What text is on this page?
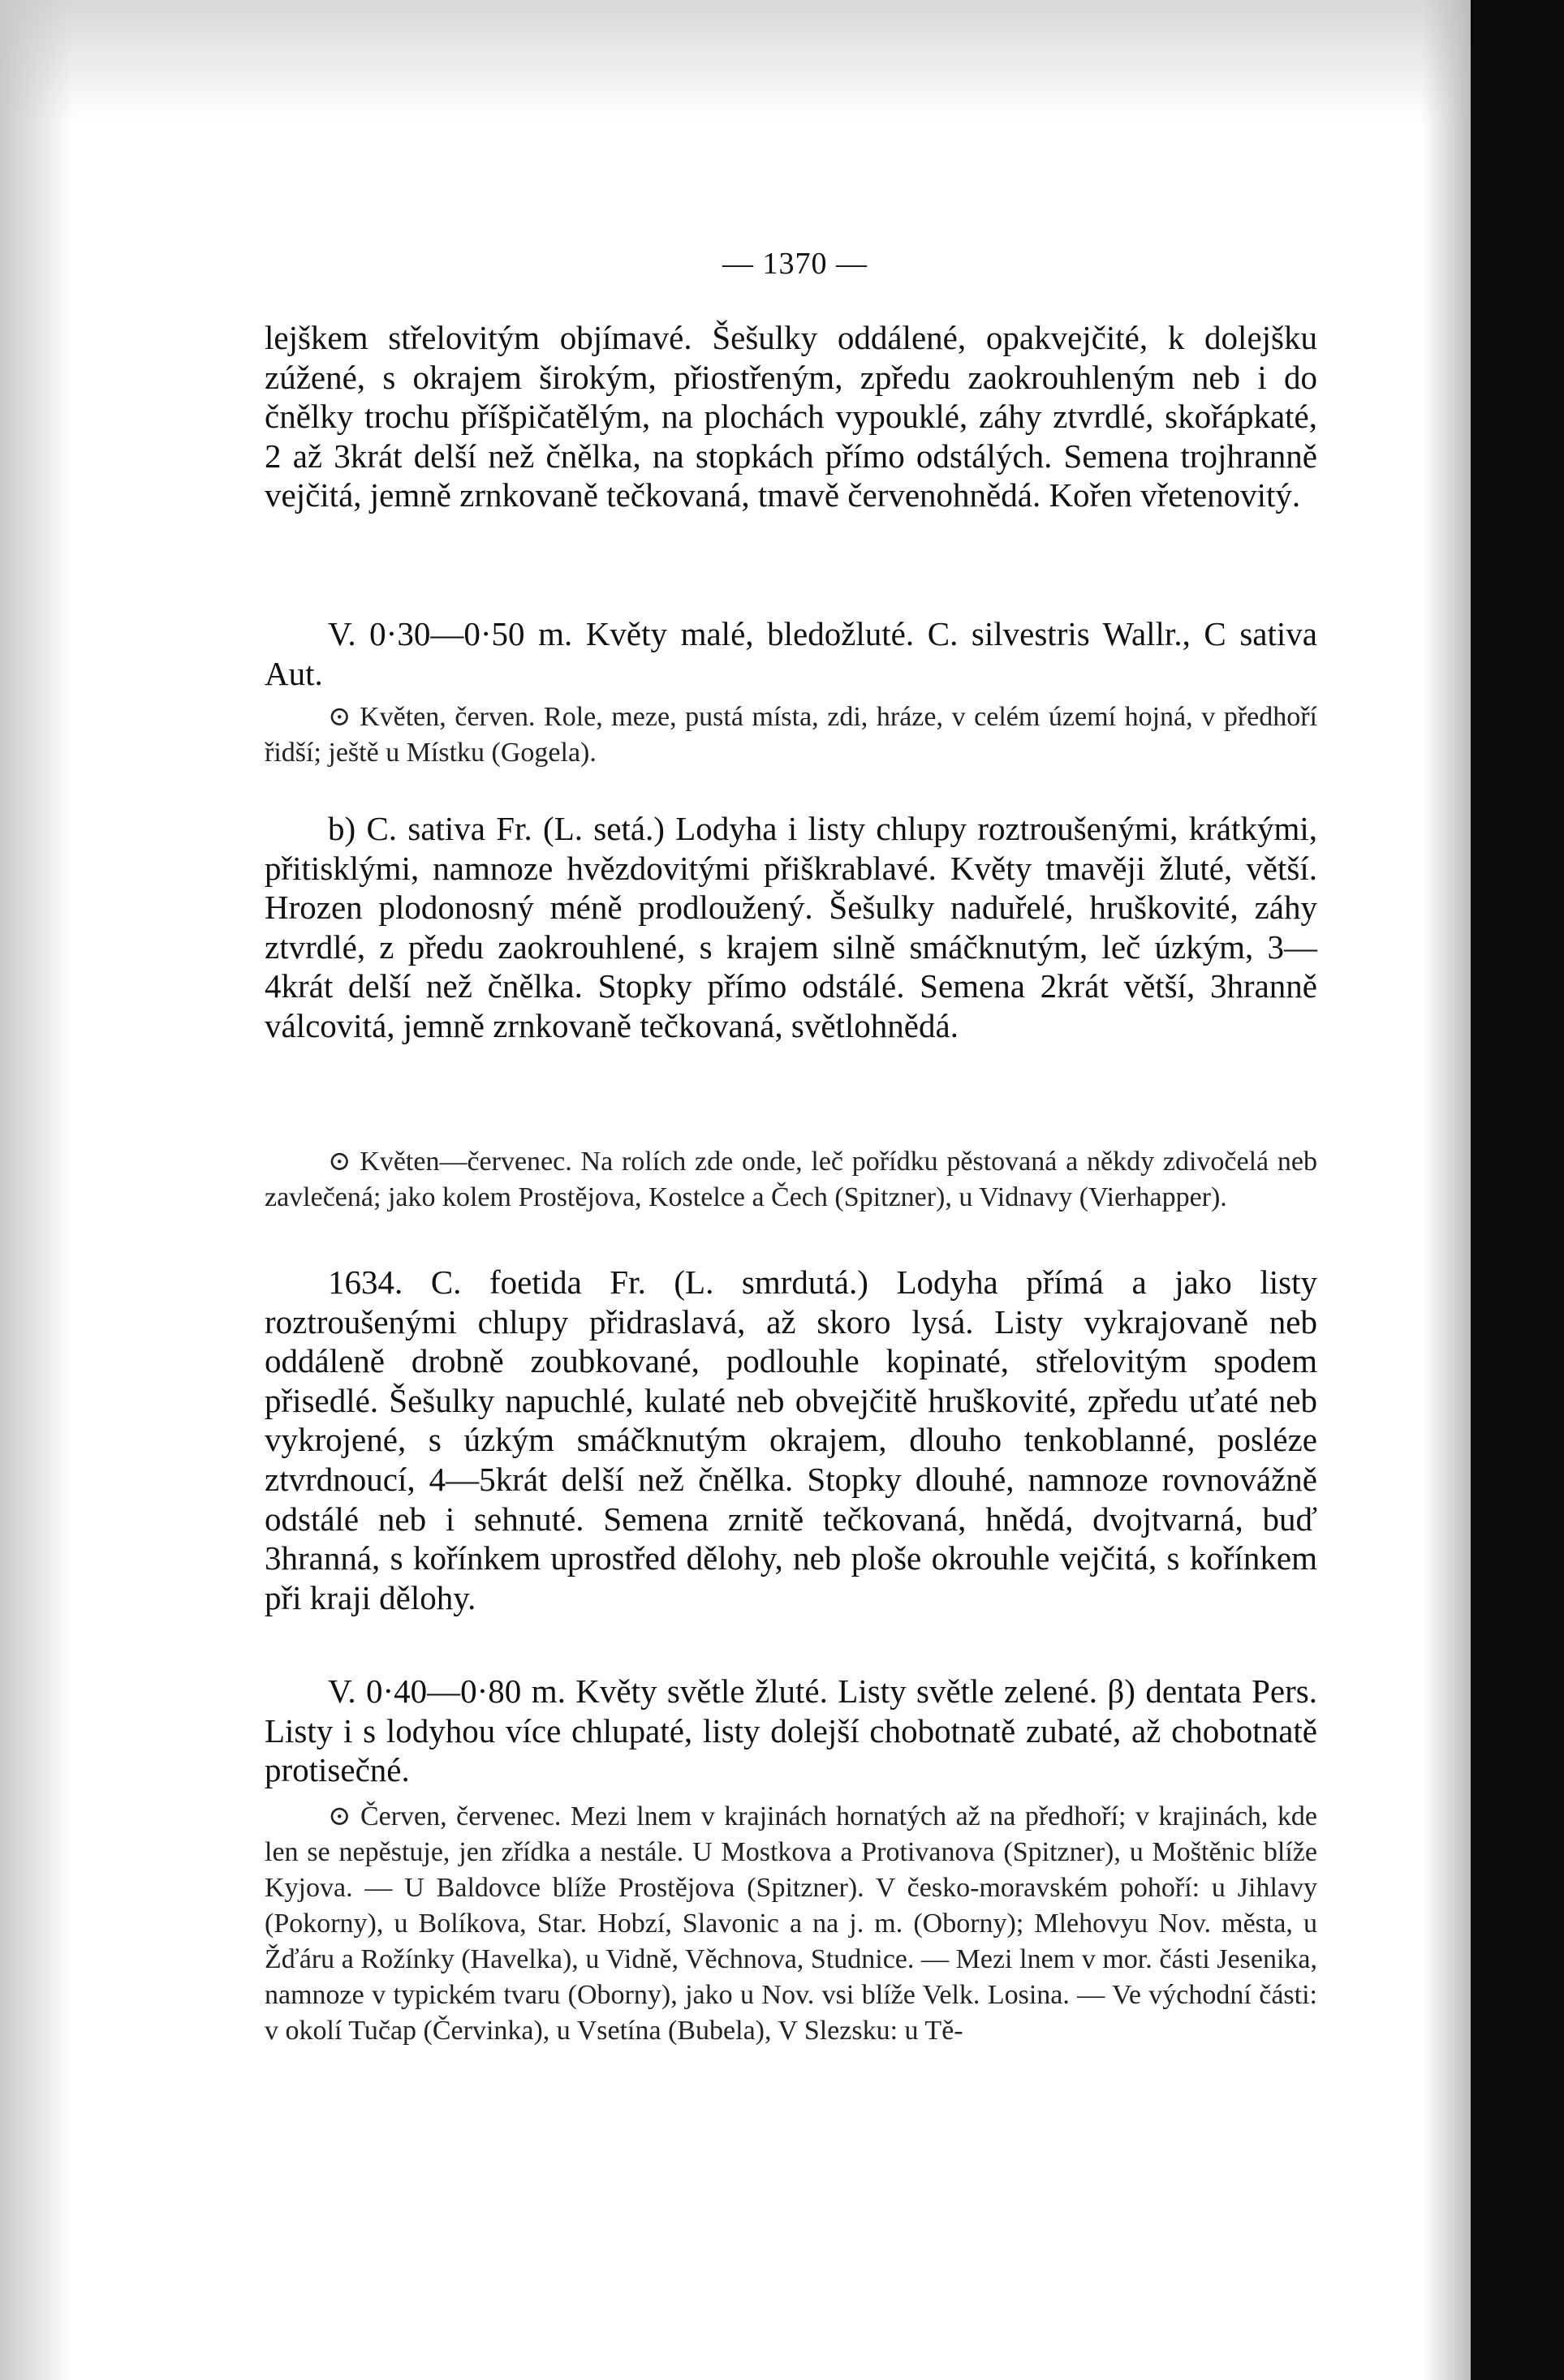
— 1370 —

lejškem střelovitým objímavé. Šešulky oddálené, opakvejčité, k dolejšku zúžené, s okrajem širokým, přiostřeným, zpředu zaokrouhleným neb i do čnělky trochu příšpičatělým, na plochách vypouklé, záhy ztvrdlé, skořápkaté, 2 až 3krát delší než čnělka, na stopkách přímo odstálých. Semena trojhranně vejčitá, jemně zrnkovaně tečkovaná, tmavě červenohnědá. Kořen vřetenovitý.

V. 0·30—0·50 m. Květy malé, bledožluté. C. silvestris Wallr., C sativa Aut.

⊙ Květen, červen. Role, meze, pustá místa, zdi, hráze, v celém území hojná, v předhoří řidší; ještě u Místku (Gogela).

b) C. sativa Fr. (L. setá.) Lodyha i listy chlupy roztroušenými, krátkými, přitisklými, namnoze hvězdovitými přiškrablavé. Květy tmavěji žluté, větší. Hrozen plodonosný méně prodloužený. Šešulky naduřelé, hruškovité, záhy ztvrdlé, z předu zaokrouhlené, s krajem silně smáčknutým, leč úzkým, 3—4krát delší než čnělka. Stopky přímo odstálé. Semena 2krát větší, 3hranně válcovitá, jemně zrnkovaně tečkovaná, světlohnědá.

⊙ Květen—červenec. Na rolích zde onde, leč pořídku pěstovaná a někdy zdivočelá neb zavlečená; jako kolem Prostějova, Kostelce a Čech (Spitzner), u Vidnavy (Vierhapper).

1634. C. foetida Fr. (L. smrdutá.) Lodyha přímá a jako listy roztroušenými chlupy přidraslavá, až skoro lysá. Listy vykrajovaně neb oddáleně drobně zoubkované, podlouhle kopinaté, střelovitým spodem přisedlé. Šešulky napuchlé, kulaté neb obvejčitě hruškovité, zpředu uťaté neb vykrojené, s úzkým smáčknutým okrajem, dlouho tenkoblanné, posléze ztvrdnoucí, 4—5krát delší než čnělka. Stopky dlouhé, namnoze rovnovážně odstálé neb i sehnuté. Semena zrnitě tečkovaná, hnědá, dvojtvarná, buď 3hranná, s kořínkem uprostřed dělohy, neb ploše okrouhle vejčitá, s kořínkem při kraji dělohy.

V. 0·40—0·80 m. Květy světle žluté. Listy světle zelené. β) dentata Pers. Listy i s lodyhou více chlupaté, listy dolejší chobotnatě zubaté, až chobotnatě protisečné.

⊙ Červen, červenec. Mezi lnem v krajinách hornatých až na předhoří; v krajinách, kde len se nepěstuje, jen zřídka a nestále. U Mostkova a Protivanova (Spitzner), u Moštěnic blíže Kyjova. — U Baldovce blíže Prostějova (Spitzner). V česko-moravském pohoří: u Jihlavy (Pokorny), u Bolíkova, Star. Hobzí, Slavonic a na j. m. (Oborny); Mlehovyu Nov. města, u Žďáru a Rožínky (Havelka), u Vidně, Věchnova, Studnice. — Mezi lnem v mor. části Jesenika, namnoze v typickém tvaru (Oborny), jako u Nov. vsi blíže Velk. Losina. — Ve východní části: v okolí Tučap (Červinka), u Vsetína (Bubela), V Slezsku: u Tě-
